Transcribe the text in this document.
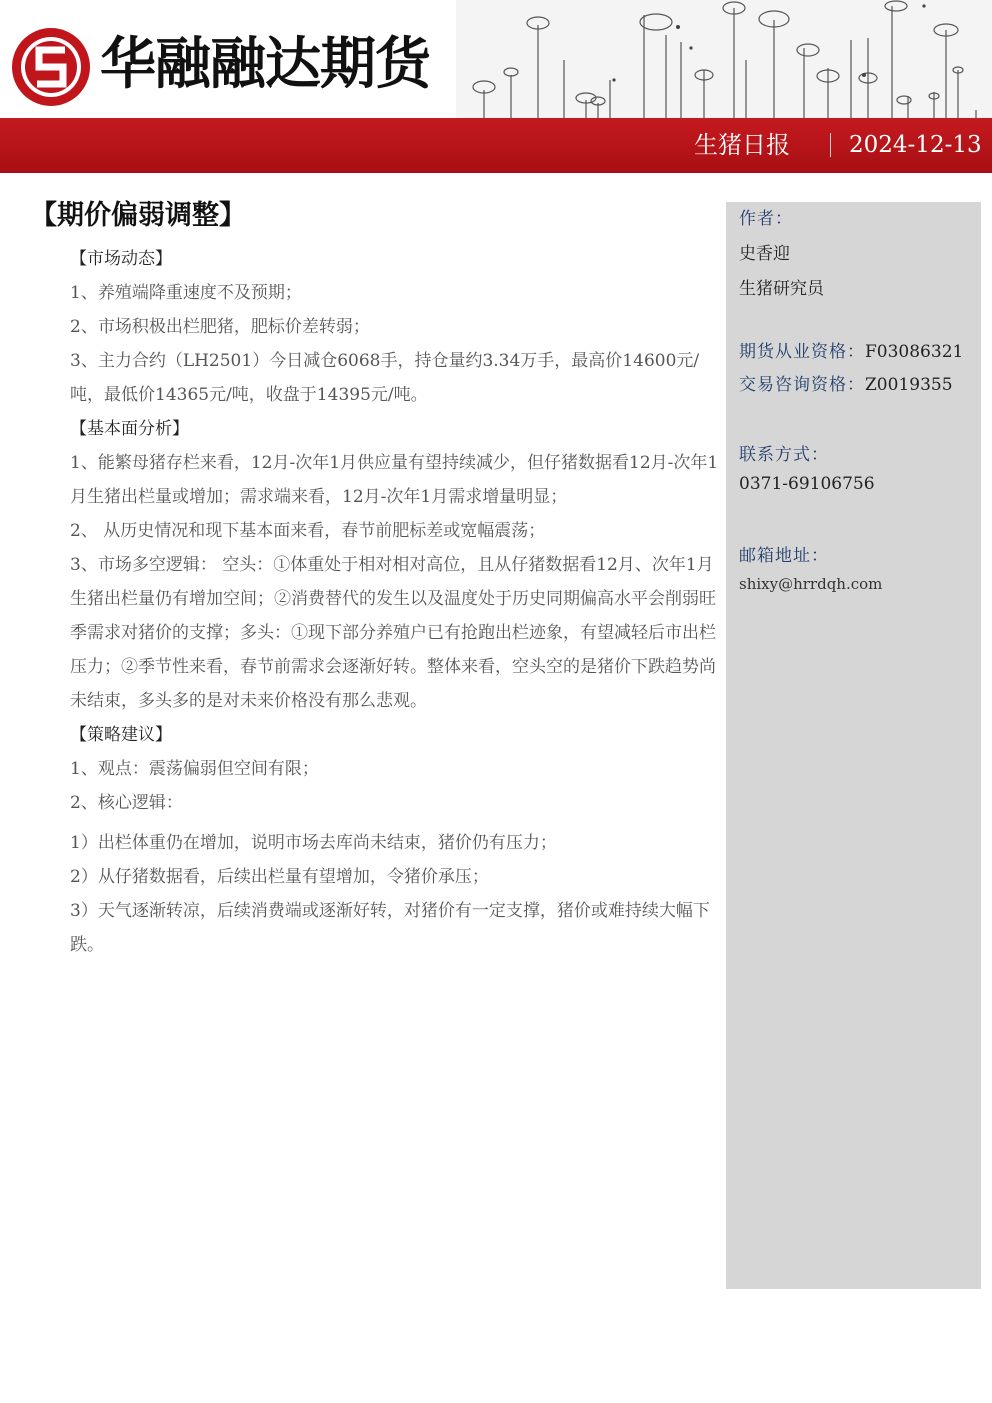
华融融达期货
生猪日报	2024-12-13
【期价偏弱调整】
【市场动态】
1、养殖端降重速度不及预期；
2、市场积极出栏肥猪，肥标价差转弱；
3、主力合约（LH2501）今日减仓6068手，持仓量约3.34万手，最高价14600元/吨，最低价14365元/吨，收盘于14395元/吨。
【基本面分析】
1、能繁母猪存栏来看，12月-次年1月供应量有望持续减少，但仔猪数据看12月-次年1月生猪出栏量或增加；需求端来看，12月-次年1月需求增量明显；
2、 从历史情况和现下基本面来看，春节前肥标差或宽幅震荡；
3、市场多空逻辑： 空头：①体重处于相对相对高位，且从仔猪数据看12月、次年1月生猪出栏量仍有增加空间；②消费替代的发生以及温度处于历史同期偏高水平会削弱旺季需求对猪价的支撑；多头：①现下部分养殖户已有抢跑出栏迹象，有望减轻后市出栏压力；②季节性来看，春节前需求会逐渐好转。整体来看，空头空的是猪价下跌趋势尚未结束，多头多的是对未来价格没有那么悲观。
【策略建议】
1、观点：震荡偏弱但空间有限；
2、核心逻辑：
1）出栏体重仍在增加，说明市场去库尚未结束，猪价仍有压力；
2）从仔猪数据看，后续出栏量有望增加，令猪价承压；
3）天气逐渐转凉，后续消费端或逐渐好转，对猪价有一定支撑，猪价或难持续大幅下跌。
作者：
史香迎
生猪研究员
期货从业资格：F03086321
交易咨询资格：Z0019355
联系方式：
0371-69106756
邮箱地址：
shixy@hrrdqh.com
